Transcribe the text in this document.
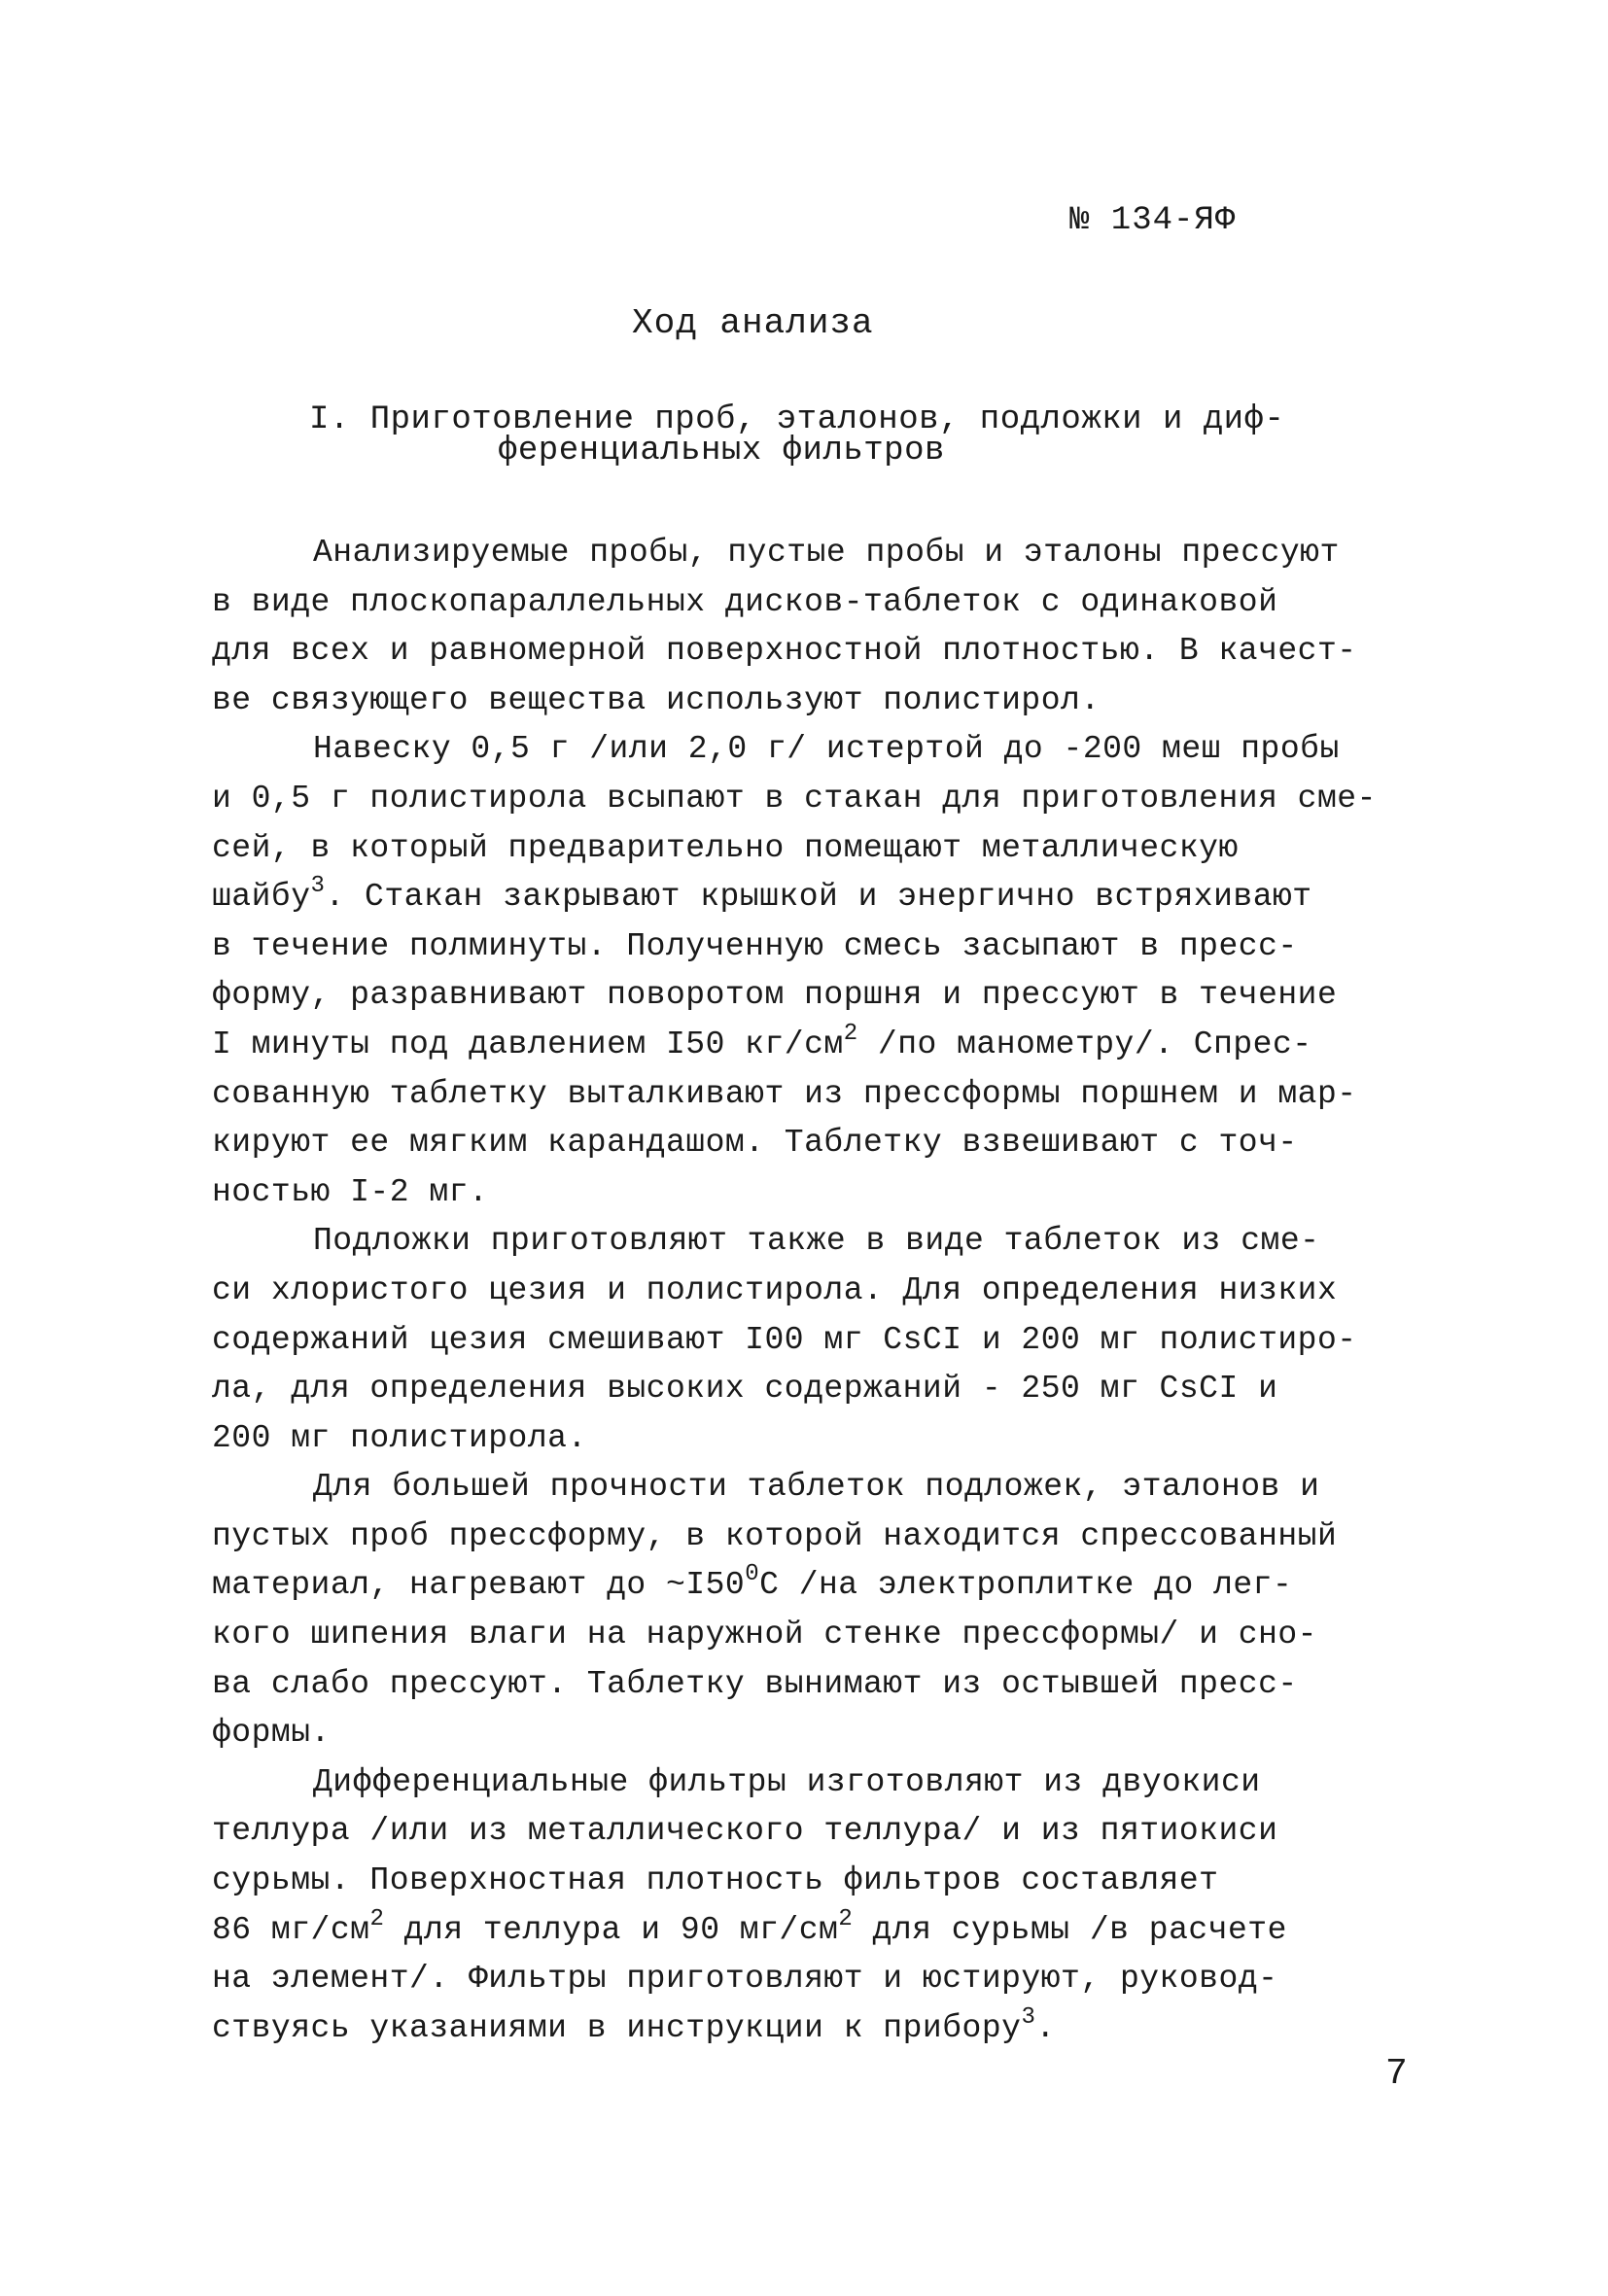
№ 134-ЯФ
Ход анализа
I. Приготовление проб, эталонов, подложки и диф-
ференциальных фильтров
Анализируемые пробы, пустые пробы и эталоны прессуют
в виде плоскопараллельных дисков-таблеток с одинаковой
для всех и равномерной поверхностной плотностью. В качест-
ве связующего вещества используют полистирол.
Навеску 0,5 г /или 2,0 г/ истертой до -200 меш пробы
и 0,5 г полистирола всыпают в стакан для приготовления сме-
сей, в который предварительно помещают металлическую
шайбу$^3$. Стакан закрывают крышкой и энергично встряхивают
в течение полминуты. Полученную смесь засыпают в пресс-
форму, разравнивают поворотом поршня и прессуют в течение
I минуты под давлением I50 $кг/см^2$ /по манометру/. Спрес-
сованную таблетку выталкивают из прессформы поршнем и мар-
кируют ее мягким карандашом. Таблетку взвешивают с точ-
ностью I-2 мг.
Подложки приготовляют также в виде таблеток из сме-
си хлористого цезия и полистирола. Для определения низких
содержаний цезия смешивают I00 мг CsCI и 200 мг полистиро-
ла, для определения высоких содержаний - 250 мг CsCI и
200 мг полистирола.
Для большей прочности таблеток подложек, эталонов и
пустых проб прессформу, в которой находится спрессованный
материал, нагревают до $\sim I50^0С$ /на электроплитке до лег-
кого шипения влаги на наружной стенке прессформы/ и сно-
ва слабо прессуют. Таблетку вынимают из остывшей пресс-
формы.
Дифференциальные фильтры изготовляют из двуокиси
теллура /или из металлического теллура/ и из пятиокиси
сурьмы. Поверхностная плотность фильтров составляет
86 $мг/см^2$ для теллура и 90 $мг/см^2$ для сурьмы /в расчете
на элемент/. Фильтры приготовляют и юстируют, руковод-
ствуясь указаниями в инструкции к прибору$^3$.
7
